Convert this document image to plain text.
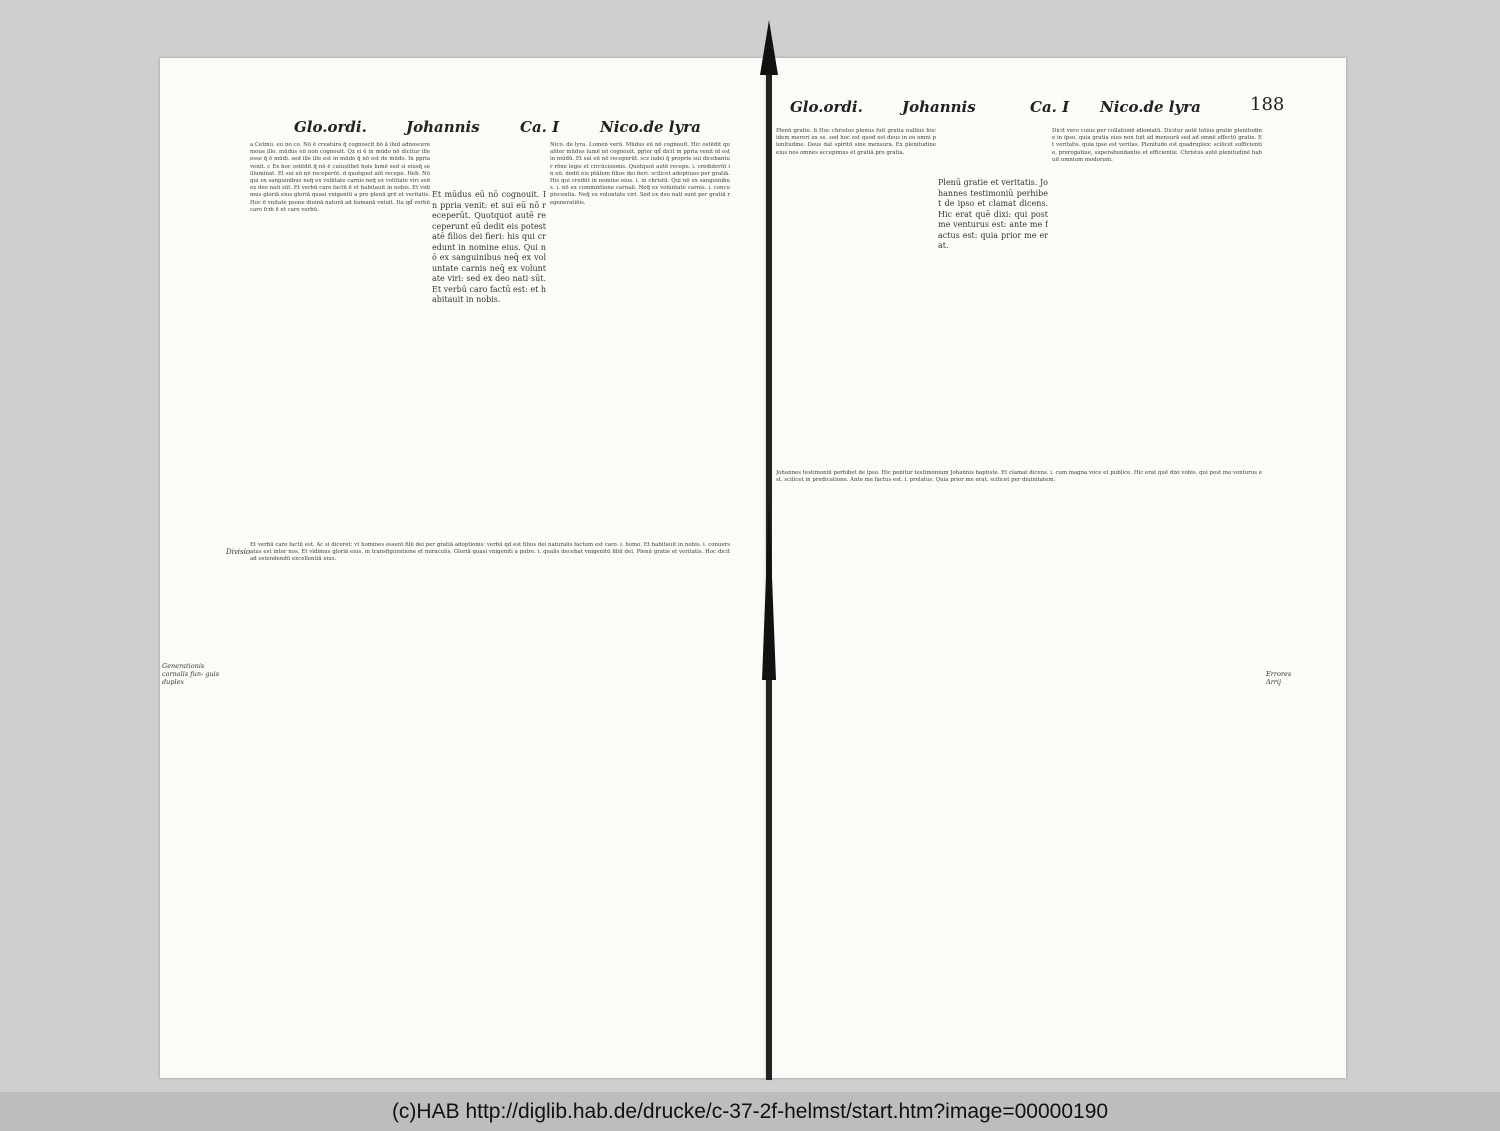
Glo.ordi.	Johannis	Ca. I	Nico.de lyra
a Cetmu. eu no co. Nō ē creatura q̄ cognoscit bō ā ilud adnoscere moue illo. mūdus eū non cognouit. Qz si ē in mūdo nō dicitur ille esse q̄ ē mūdi. sed ille ille est in mūdo q̄ nō est de mūdo. In ppria venit. c Ex hoc ostēdit q̄ nō ē cuiuslibet hois lumē sed si eiusq̄ se illuminat. Et sui eū nō receperūt. d quotquot aūt recepe. Heb. Nō qui ex sanguinibus neq̄ ex volūtate carnis neq̄ ex volūtate viri sed ex deo nati sūt. Et verbū caro factū ē et habitauit in nobis. Et vidimus gloriā eius gloriā quasi vnigeniti a pre plenū grē et veritatis. Hoc ē vnitate psone diuinā naturā ad humanā vniuit. Ita qd̄ verbū caro fcm̄ ē et caro verbū.
Et mūdus eū nō cognouit. In ppria venit: et sui eū nō receperūt. Quotquot autē receperunt eū dedit eis potestatē filios dei fieri: his qui credunt in nomine eius. Qui nō ex sanguinibus neq̄ ex voluntate carnis neq̄ ex voluntate viri: sed ex deo nati sūt. Et verbū caro factū est: et habitauit in nobis.
Nico. de lyra. Lumen verū. Mūdus eū nō cognouit. Hic ostēdit qualiter mūdus lumē nō cognouit. ppter qd̄ dicit in ppria venit id est in mūdū. Et sui eū nō receperūt. scz iudei q̄ proprie sui dicebantur rōne legis et circūcisionis. Quotquot autē recepe. i. crediderūt in eū. dedit eis ptātem filios dei fieri. scilicet adoptiuos per gratiā. His qui credūt in nomine eius. i. in christū. Qui nō ex sanguinibus. i. nō ex commixtione carnali. Neq̄ ex voluntate carnis. i. concupiscentia. Neq̄ ex voluntate viri. Sed ex deo nati sunt per gratiā regeneratiōis.
Et verbū caro factū est. Ac si diceret: vt homines essent filii dei per gratiā adoptionis: verbū qd̄ est filius dei naturalis factum est caro. i. homo. Et habitauit in nobis. i. conuersatus est inter nos. Et vidimus gloriā eius. in transfiguratione et miraculis. Gloriā quasi vnigeniti a patre. i. qualis decebat vnigenitū filiū dei. Plenū gratie et veritatis. Hoc dicit ad ostendendū excellentiā eius.
Divisio
Generationis carnalis fun- guis duplex
Glo.ordi.	Johannis	Ca. I Nico.de lyra	188
Plenū gratie. b Hoc christus plenus fuit gratia nullius hoc idem mereri ex se. sed hoc est quod est deus in eo omni plenitudine. Deus dat spiritū sine mensura. Ex plenitudine eius nos omnes accepimus et gratiā pro gratia.
Plenū gratie et veritatis. Johannes testimoniū perhibet de ipso et clamat dicens. Hic erat quē dixi: qui post me venturus est: ante me factus est: quia prior me erat.
Dicit vero cuius per collationē idiomatū. Dicitur autē totius gratie plenitudine in ipso. quia gratia eius non fuit ad mensurā sed ad omnē effectū gratie. Et veritatis. quia ipse est veritas. Plenitudo est quadruplex: scilicet sufficientie, prerogatiue, superabundantie et efficientie. Christus autē plenitudinē habuit omnium modorum.
Johannes testimoniū perhibet de ipso. Hic ponitur testimonium Johannis baptiste. Et clamat dicens. i. cum magna voce et publice. Hic erat quē dixi vobis. qui post me venturus est. scilicet in predicatione. Ante me factus est. i. prelatus. Quia prior me erat. scilicet per diuinitatem.
Errores Arrij
(c)HAB http://diglib.hab.de/drucke/c-37-2f-helmst/start.htm?image=00000190
